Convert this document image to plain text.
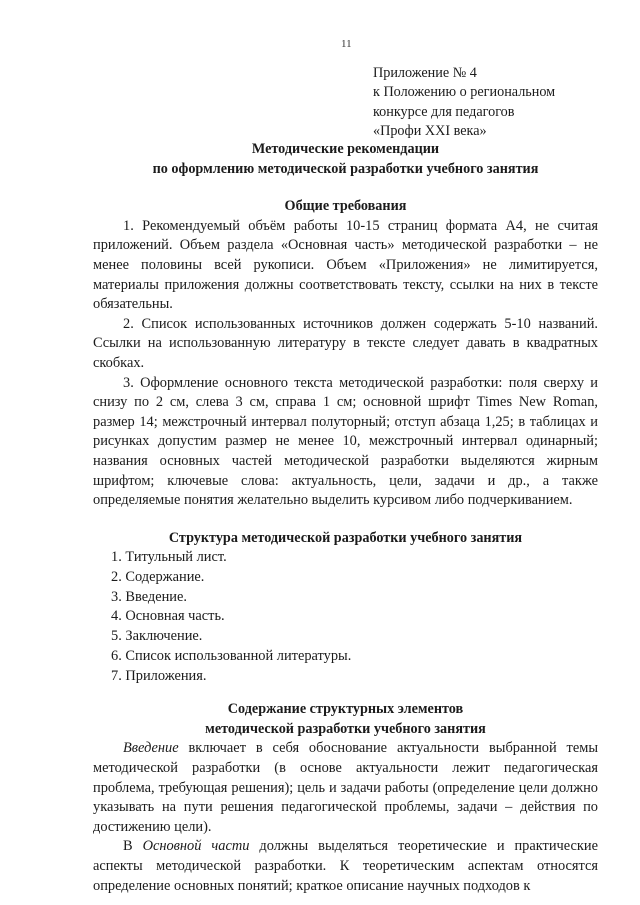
11
Приложение № 4
к Положению о региональном
конкурсе для педагогов
«Профи XXI века»
Методические рекомендации
по оформлению методической разработки учебного занятия
Общие требования

1. Рекомендуемый объём работы 10-15 страниц формата А4, не считая приложений. Объем раздела «Основная часть» методической разработки – не менее половины всей рукописи. Объем «Приложения» не лимитируется, материалы приложения должны соответствовать тексту, ссылки на них в тексте обязательны.

2. Список использованных источников должен содержать 5-10 названий. Ссылки на использованную литературу в тексте следует давать в квадратных скобках.

3. Оформление основного текста методической разработки: поля сверху и снизу по 2 см, слева 3 см, справа 1 см; основной шрифт Times New Roman, размер 14; межстрочный интервал полуторный; отступ абзаца 1,25; в таблицах и рисунках допустим размер не менее 10, межстрочный интервал одинарный; названия основных частей методической разработки выделяются жирным шрифтом; ключевые слова: актуальность, цели, задачи и др., а также определяемые понятия желательно выделить курсивом либо подчеркиванием.

Структура методической разработки учебного занятия
1. Титульный лист.
2. Содержание.
3. Введение.
4. Основная часть.
5. Заключение.
6. Список использованной литературы.
7. Приложения.
Содержание структурных элементов
методической разработки учебного занятия

Введение включает в себя обоснование актуальности выбранной темы методической разработки (в основе актуальности лежит педагогическая проблема, требующая решения); цель и задачи работы (определение цели должно указывать на пути решения педагогической проблемы, задачи – действия по достижению цели).

В Основной части должны выделяться теоретические и практические аспекты методической разработки. К теоретическим аспектам относятся определение основных понятий; краткое описание научных подходов к
